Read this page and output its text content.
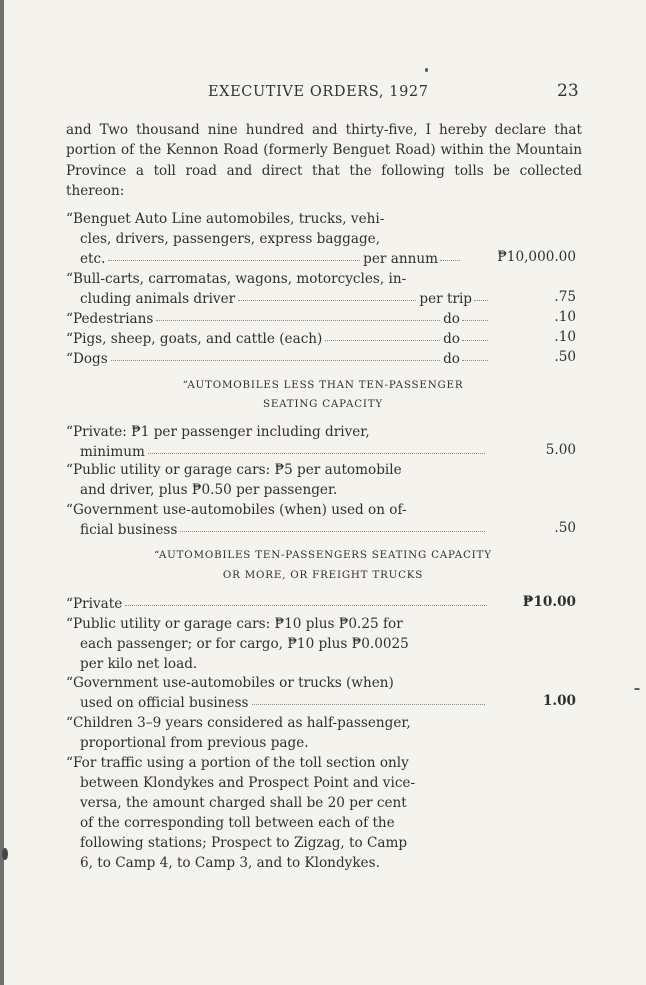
EXECUTIVE ORDERS, 1927	23
and Two thousand nine hundred and thirty-five, I hereby declare that portion of the Kennon Road (formerly Benguet Road) within the Mountain Province a toll road and direct that the following tolls be collected thereon:
“Benguet Auto Line automobiles, trucks, vehi-
cles, drivers, passengers, express baggage,
etc.	per annum	₱10,000.00
“Bull-carts, carromatas, wagons, motorcycles, in-
cluding animals driver	per trip	.75
“Pedestrians	do	.10
“Pigs, sheep, goats, and cattle (each)	do	.10
“Dogs	do	.50
“AUTOMOBILES LESS THAN TEN-PASSENGER
SEATING CAPACITY
“Private: ₱1 per passenger including driver,
minimum	5.00
“Public utility or garage cars: ₱5 per automobile
and driver, plus ₱0.50 per passenger.
“Government use-automobiles (when) used on of-
ficial business	.50
“AUTOMOBILES TEN-PASSENGERS SEATING CAPACITY
OR MORE, OR FREIGHT TRUCKS
“Private	₱10.00
“Public utility or garage cars: ₱10 plus ₱0.25 for
each passenger; or for cargo, ₱10 plus ₱0.0025
per kilo net load.
“Government use-automobiles or trucks (when)
used on official business	1.00
“Children 3–9 years considered as half-passenger,
proportional from previous page.
“For traffic using a portion of the toll section only
between Klondykes and Prospect Point and vice-
versa, the amount charged shall be 20 per cent
of the corresponding toll between each of the
following stations; Prospect to Zigzag, to Camp
6, to Camp 4, to Camp 3, and to Klondykes.
